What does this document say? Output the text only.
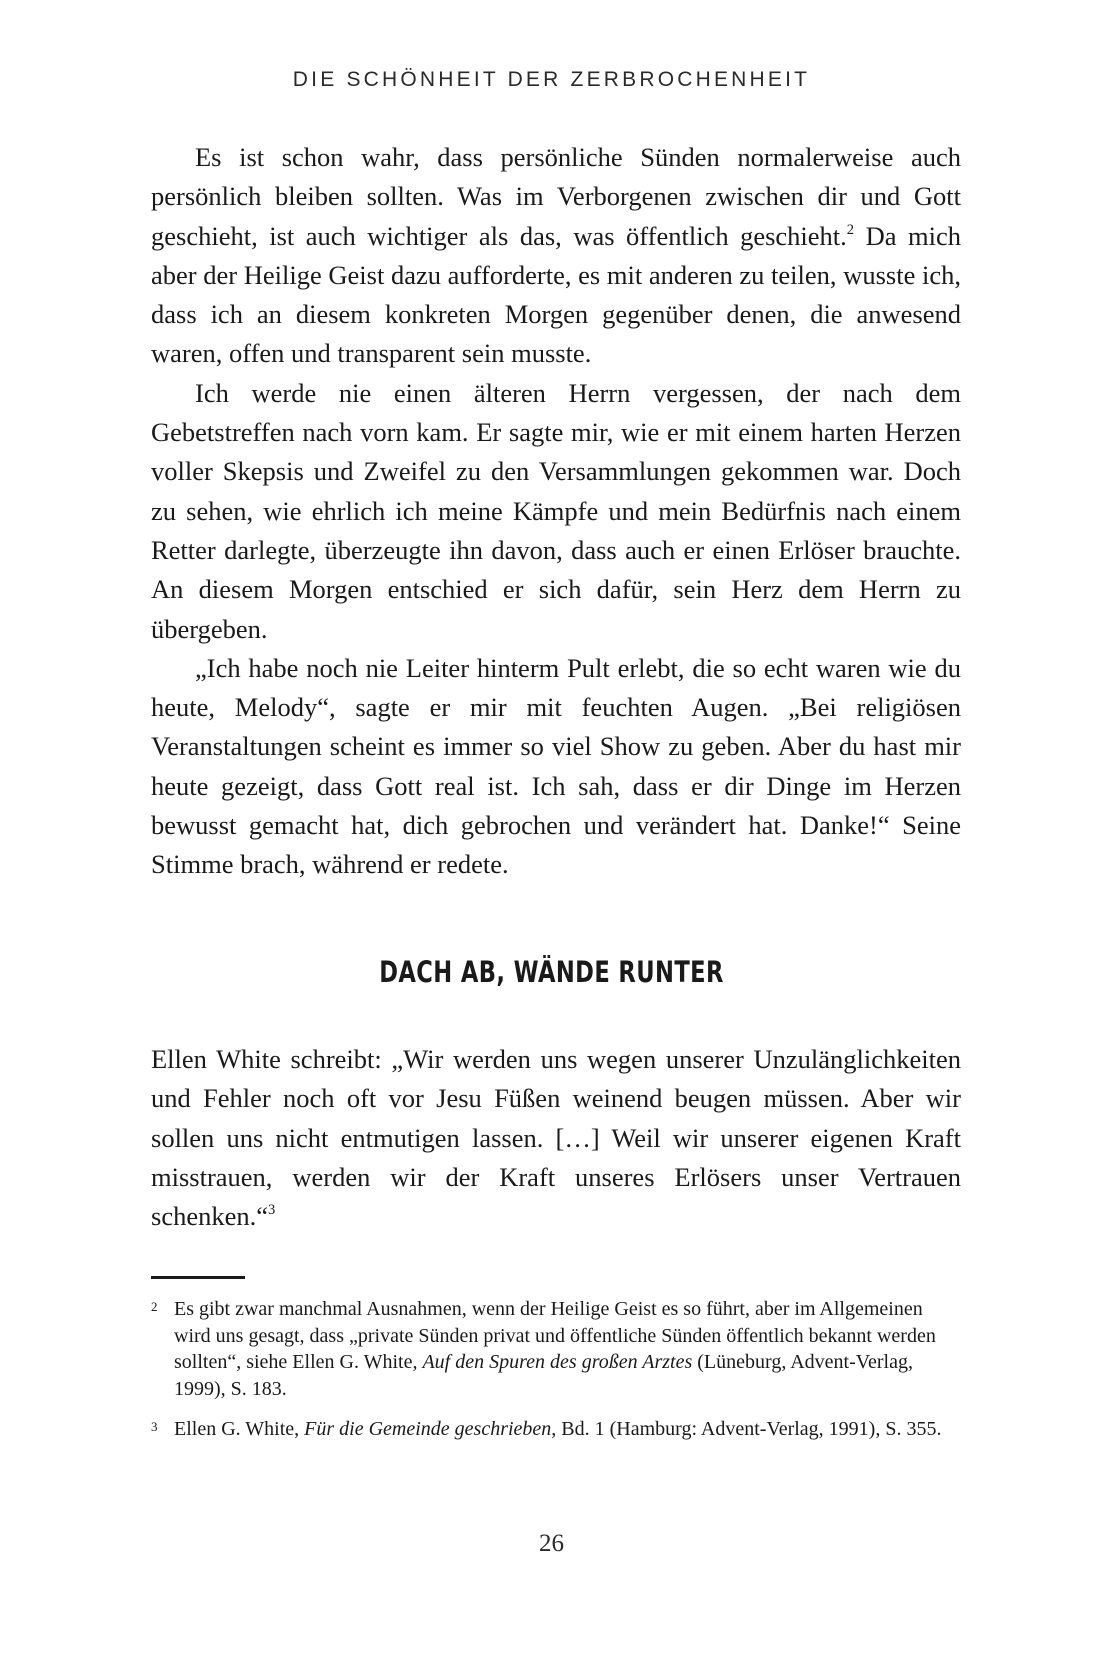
DIE SCHÖNHEIT DER ZERBROCHENHEIT

Es ist schon wahr, dass persönliche Sünden normalerweise auch persönlich bleiben sollten. Was im Verborgenen zwischen dir und Gott geschieht, ist auch wichtiger als das, was öffentlich geschieht.$^2$ Da mich aber der Heilige Geist dazu aufforderte, es mit anderen zu teilen, wusste ich, dass ich an diesem konkreten Morgen gegenüber denen, die anwesend waren, offen und transparent sein musste.

Ich werde nie einen älteren Herrn vergessen, der nach dem Gebetstreffen nach vorn kam. Er sagte mir, wie er mit einem harten Herzen voller Skepsis und Zweifel zu den Versammlungen gekommen war. Doch zu sehen, wie ehrlich ich meine Kämpfe und mein Bedürfnis nach einem Retter darlegte, überzeugte ihn davon, dass auch er einen Erlöser brauchte. An diesem Morgen entschied er sich dafür, sein Herz dem Herrn zu übergeben.

„Ich habe noch nie Leiter hinterm Pult erlebt, die so echt waren wie du heute, Melody“, sagte er mir mit feuchten Augen. „Bei religiösen Veranstaltungen scheint es immer so viel Show zu geben. Aber du hast mir heute gezeigt, dass Gott real ist. Ich sah, dass er dir Dinge im Herzen bewusst gemacht hat, dich gebrochen und verändert hat. Danke!“ Seine Stimme brach, während er redete.

DACH AB, WÄNDE RUNTER

Ellen White schreibt: „Wir werden uns wegen unserer Unzulänglichkeiten und Fehler noch oft vor Jesu Füßen weinend beugen müssen. Aber wir sollen uns nicht entmutigen lassen. […] Weil wir unserer eigenen Kraft misstrauen, werden wir der Kraft unseres Erlösers unser Vertrauen schenken.“$^3$

2 Es gibt zwar manchmal Ausnahmen, wenn der Heilige Geist es so führt, aber im Allgemeinen wird uns gesagt, dass „private Sünden privat und öffentliche Sünden öffentlich bekannt werden sollten“, siehe Ellen G. White, Auf den Spuren des großen Arztes (Lüneburg, Advent-Verlag, 1999), S. 183.
3 Ellen G. White, Für die Gemeinde geschrieben, Bd. 1 (Hamburg: Advent-Verlag, 1991), S. 355.
26
